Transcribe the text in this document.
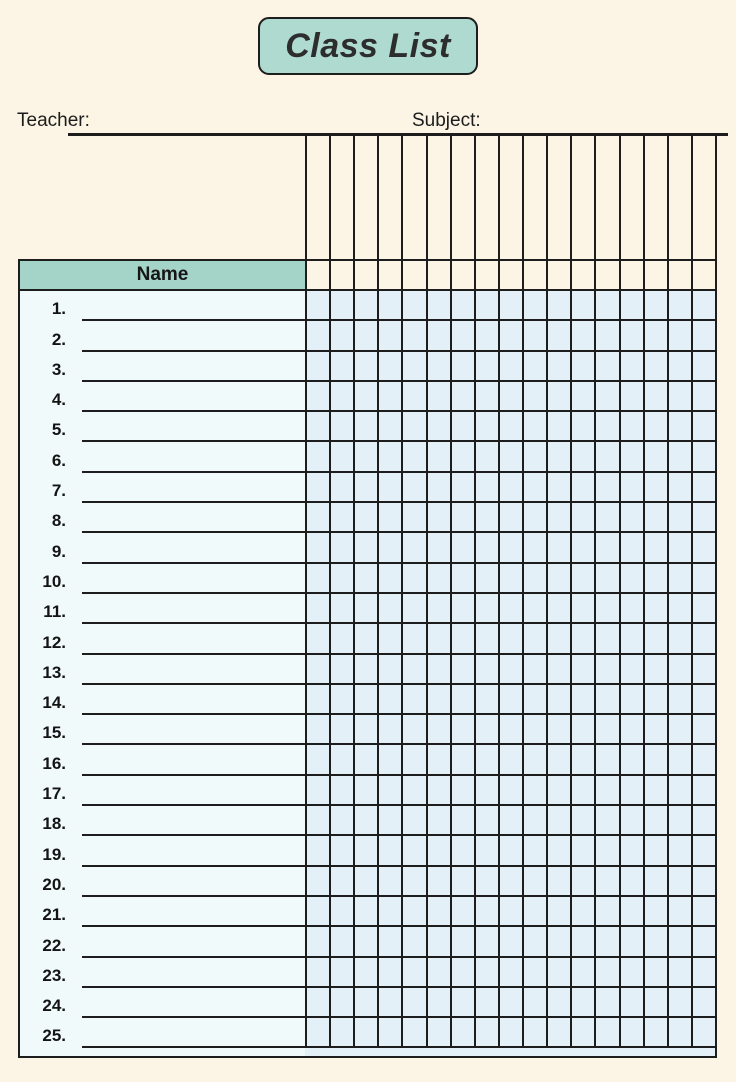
Class List
Teacher:	Subject:
Name
1.
2.
3.
4.
5.
6.
7.
8.
9.
10.
11.
12.
13.
14.
15.
16.
17.
18.
19.
20.
21.
22.
23.
24.
25.
